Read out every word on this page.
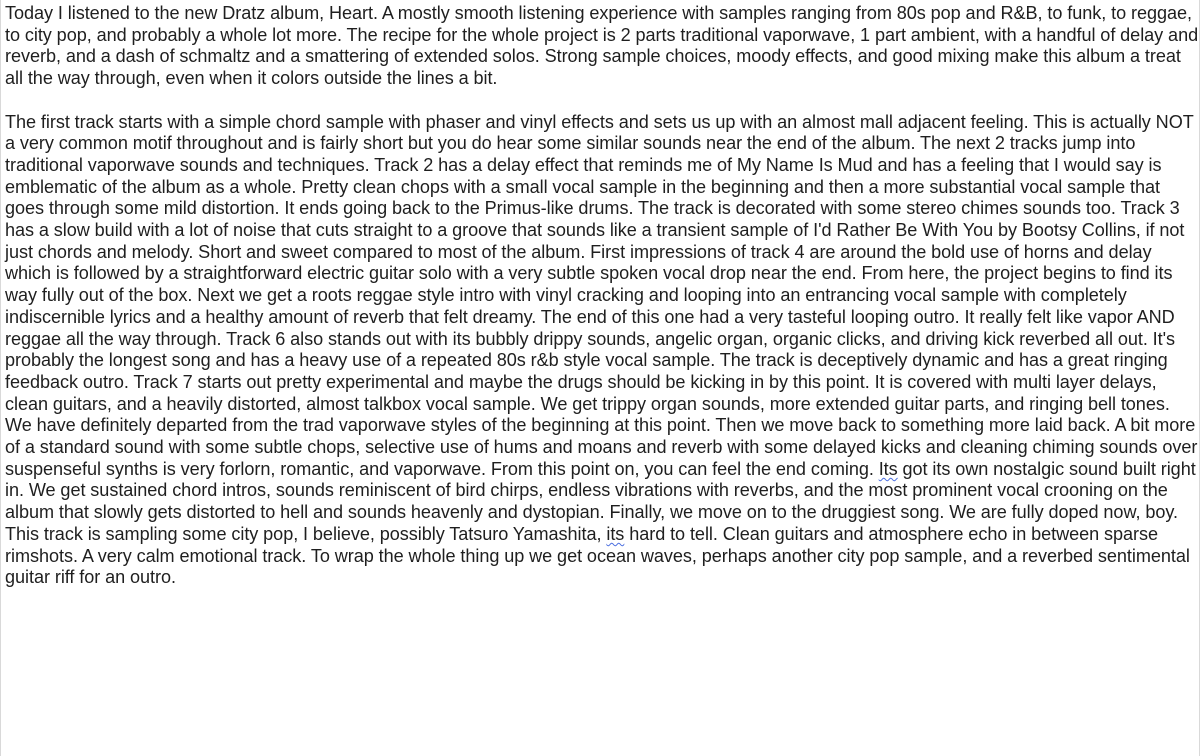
Today I listened to the new Dratz album, Heart. A mostly smooth listening experience with samples ranging from 80s pop and R&B, to funk, to reggae, to city pop, and probably a whole lot more. The recipe for the whole project is 2 parts traditional vaporwave, 1 part ambient, with a handful of delay and reverb, and a dash of schmaltz and a smattering of extended solos. Strong sample choices, moody effects, and good mixing make this album a treat all the way through, even when it colors outside the lines a bit.

The first track starts with a simple chord sample with phaser and vinyl effects and sets us up with an almost mall adjacent feeling. This is actually NOT a very common motif throughout and is fairly short but you do hear some similar sounds near the end of the album. The next 2 tracks jump into traditional vaporwave sounds and techniques. Track 2 has a delay effect that reminds me of My Name Is Mud and has a feeling that I would say is emblematic of the album as a whole. Pretty clean chops with a small vocal sample in the beginning and then a more substantial vocal sample that goes through some mild distortion. It ends going back to the Primus-like drums. The track is decorated with some stereo chimes sounds too. Track 3 has a slow build with a lot of noise that cuts straight to a groove that sounds like a transient sample of I'd Rather Be With You by Bootsy Collins, if not just chords and melody. Short and sweet compared to most of the album. First impressions of track 4 are around the bold use of horns and delay which is followed by a straightforward electric guitar solo with a very subtle spoken vocal drop near the end. From here, the project begins to find its way fully out of the box. Next we get a roots reggae style intro with vinyl cracking and looping into an entrancing vocal sample with completely indiscernible lyrics and a healthy amount of reverb that felt dreamy. The end of this one had a very tasteful looping outro. It really felt like vapor AND reggae all the way through. Track 6 also stands out with its bubbly drippy sounds, angelic organ, organic clicks, and driving kick reverbed all out. It's probably the longest song and has a heavy use of a repeated 80s r&b style vocal sample. The track is deceptively dynamic and has a great ringing feedback outro. Track 7 starts out pretty experimental and maybe the drugs should be kicking in by this point. It is covered with multi layer delays, clean guitars, and a heavily distorted, almost talkbox vocal sample. We get trippy organ sounds, more extended guitar parts, and ringing bell tones. We have definitely departed from the trad vaporwave styles of the beginning at this point. Then we move back to something more laid back. A bit more of a standard sound with some subtle chops, selective use of hums and moans and reverb with some delayed kicks and cleaning chiming sounds over suspenseful synths is very forlorn, romantic, and vaporwave. From this point on, you can feel the end coming. Its got its own nostalgic sound built right in. We get sustained chord intros, sounds reminiscent of bird chirps, endless vibrations with reverbs, and the most prominent vocal crooning on the album that slowly gets distorted to hell and sounds heavenly and dystopian. Finally, we move on to the druggiest song. We are fully doped now, boy. This track is sampling some city pop, I believe, possibly Tatsuro Yamashita, its hard to tell. Clean guitars and atmosphere echo in between sparse rimshots. A very calm emotional track. To wrap the whole thing up we get ocean waves, perhaps another city pop sample, and a reverbed sentimental guitar riff for an outro.
